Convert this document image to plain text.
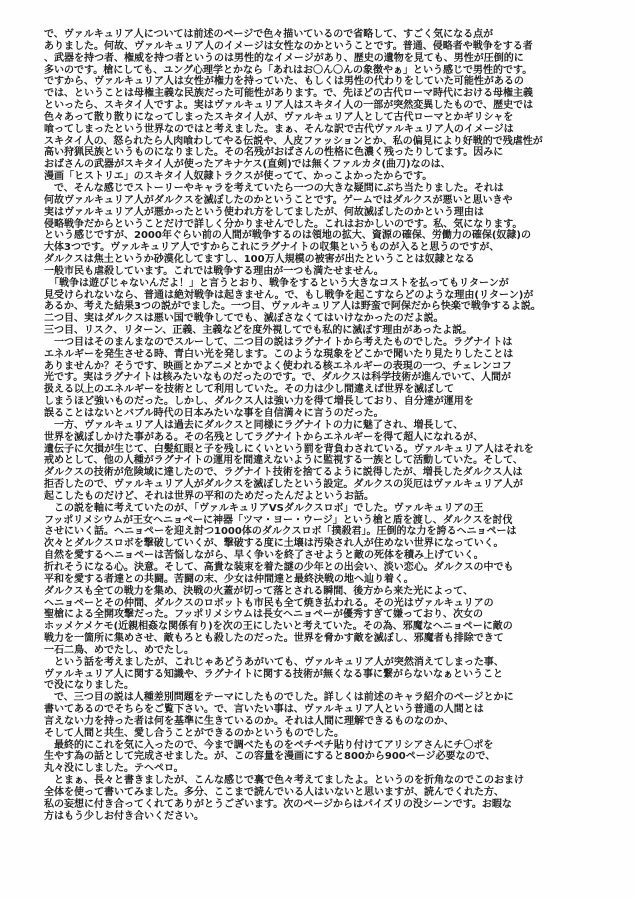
で、ヴァルキュリア人については前述のページで色々描いているので省略して、すごく気になる点が
ありました。何故、ヴァルキュリア人のイメージは女性なのかということです。普通、侵略者や戦争をする者
、武器を持つ者、権威を持つ者というのは男性的なイメージがあり、歴史の遺物を見ても、男性が圧倒的に
多いのです。槍にしても、ユング心理学とかなら「あれはお〇ん〇んの象徴やぁ」という感じで男性的です。
ですから、ヴァルキュリア人は女性が権力を持っていた、もしくは男性の代わりをしていた可能性があるの
では、ということは母権主義な民族だった可能性があります。で、先ほどの古代ローマ時代における母権主義
といったら、スキタイ人ですよ。実はヴァルキュリア人はスキタイ人の一部が突然変異したもので、歴史では
色々あって散り散りになってしまったスキタイ人が、ヴァルキュリア人として古代ローマとかギリシャを
喰ってしまったという世界なのではと考えました。まぁ、そんな訳で古代ヴァルキュリア人のイメージは
スキタイ人の、怒られたら人肉喰わしてやる伝説や、人皮ファッションとか、私の偏見により好戦的で残虐性が
高い狩猟民族というものになりました。その名残がおばさんの性格に色濃く残ったりしてます。因みに
おばさんの武器がスキタイ人が使ったアキナケス(直剣)では無くファルカタ(曲刀)なのは、
漫画「ヒストリエ」のスキタイ人奴隷トラクスが使ってて、かっこよかったからです。
　で、そんな感じでストーリーやキャラを考えていたら一つの大きな疑問にぶち当たりました。それは
何故ヴァルキュリア人がダルクスを滅ぼしたのかということです。ゲームではダルクスが悪いと思いきや
実はヴァルキュリア人が悪かったという使われ方をしてましたが、何故滅ぼしたのかという理由は
侵略戦争だからということだけで詳しく分かりませんでした。これはおかしいのです。私、気になります。
という感じですが、2000年ぐらい前の人間が戦争するのは領地の拡大、資源の確保、労働力の確保(奴隷)の
大体3つです。ヴァルキュリア人ですからこれにラグナイトの収集というものが入ると思うのですが、
ダルクスは焦土というか砂漠化してますし、100万人規模の被害が出たということは奴隷となる
一般市民も虐殺しています。これでは戦争する理由が一つも満たせません。
　「戦争は遊びじゃないんだよ！」と言うとおり、戦争をするという大きなコストを払ってもリターンが
見受けられないなら、普通は絶対戦争は起きません。で、もし戦争を起こすならどのような理由(リターン)が
あるか、考えた結果3つの説がでました。一つ目、ヴァルキュリア人は野蛮で阿保だから快楽で戦争するよ説。
二つ目、実はダルクスは悪い国で戦争してでも、滅ぼさなくてはいけなかったのだよ説。
三つ目、リスク、リターン、正義、主義などを度外視してでも私的に滅ぼす理由があったよ説。
　一つ目はそのまんまなのでスルーして、二つ目の説はラグナイトから考えたものでした。ラグナイトは
エネルギーを発生させる時、青白い光を発します。このような現象をどこかで聞いたり見たりしたことは
ありませんか？そうです、映画とかアニメとかでよく使われる核エネルギーの表現の一つ、チェレンコフ
光です。実はラグナイトは核みたいなものだったのです。で、ダルクスは科学技術が進んでいて、人間が
扱える以上のエネルギーを技術として利用していた。その力は少し間違えば世界を滅ぼして
しまうほど強いものだった。しかし、ダルクス人は強い力を得て増長しており、自分達が運用を
誤ることはないとバブル時代の日本みたいな事を自信満々に言うのだった。
　一方、ヴァルキュリア人は過去にダルクスと同様にラグナイトの力に魅了され、増長して、
世界を滅ぼしかけた事がある。その名残としてラグナイトからエネルギーを得て超人になれるが、
遺伝子に欠損が生じて、白髪紅眼と子を残しにくいという罰を背負わされている。ヴァルキュリア人はそれを
戒めとして、他の人種がラグナイトの運用を間違えないように監視する一族として活動していた。そして、
ダルクスの技術が危険域に達したので、ラグナイト技術を捨てるように説得したが、増長したダルクス人は
拒否したので、ヴァルキュリア人がダルクスを滅ぼしたという設定。ダルクスの災厄はヴァルキュリア人が
起こしたものだけど、それは世界の平和のためだったんだよというお話。
　この説を軸に考えていたのが、「ヴァルキュリアVSダルクスロボ」でした。ヴァルキュリアの王
フッポリメシウムが王女ヘニョペーに神器「ツマ・ヨー・ウージ」という槍と盾を渡し、ダルクスを討伐
させにいく話。ヘニョペーを迎え討つ1000体のダルクスロボ「撲殺君」。圧倒的な力を誇るヘニョペーは
次々とダルクスロボを撃破していくが、撃破する度に土壌は汚染され人が住めない世界になっていく。
自然を愛するヘニョペーは苦悩しながら、早く争いを終了させようと敵の死体を積み上げていく。
折れそうになる心。決意。そして、高貴な装束を着た謎の少年との出会い、淡い恋心。ダルクスの中でも
平和を愛する者達との共闘。苦闘の末、少女は仲間達と最終決戦の地へ辿り着く。
ダルクスも全ての戦力を集め、決戦の火蓋が切って落とされる瞬間、後方から来た光によって、
ヘニョペーとその仲間、ダルクスのロボットも市民も全て焼き払われる。その光はヴァルキュリアの
聖槍による全開攻撃だった。フッポリメシウムは長女ヘニョペーが優秀すぎて嫌っており、次女の
ホッメケメケモ(近親相姦な関係有り)を次の王にしたいと考えていた。その為、邪魔なヘニョペーに敵の
戦力を一箇所に集めさせ、敵もろとも殺したのだった。世界を脅かす敵を滅ぼし、邪魔者も排除できて
一石二鳥、めでたし、めでたし。
　という話を考えましたが、これじゃあどうあがいても、ヴァルキュリア人が突然消えてしまった事、
ヴァルキュリア人に関する知識や、ラグナイトに関する技術が無くなる事に繋がらないなぁということ
で没になりました。
　で、三つ目の説は人種差別問題をテーマにしたものでした。詳しくは前述のキャラ紹介のページとかに
書いてあるのでそちらをご覧下さい。で、言いたい事は、ヴァルキュリア人という普通の人間とは
言えない力を持った者は何を基準に生きているのか。それは人間に理解できるものなのか、
そして人間と共生、愛し合うことができるのかというものでした。
　最終的にこれを気に入ったので、今まで調べたものをペチペチ貼り付けてアリシアさんにチ〇ポを
生やす為の話として完成させました。が、この容量を漫画にすると800から900ページ必要なので、
丸々没にしました。テヘペロ。
　とまぁ、長々と書きましたが、こんな感じで裏で色々考えてましたよ。というのを折角なのでこのおまけ
全体を使って書いてみました。多分、ここまで読んでいる人はいないと思いますが、読んでくれた方、
私の妄想に付き合ってくれてありがとうございます。次のページからはパイズリの没シーンです。お暇な
方はもう少しお付き合いください。
